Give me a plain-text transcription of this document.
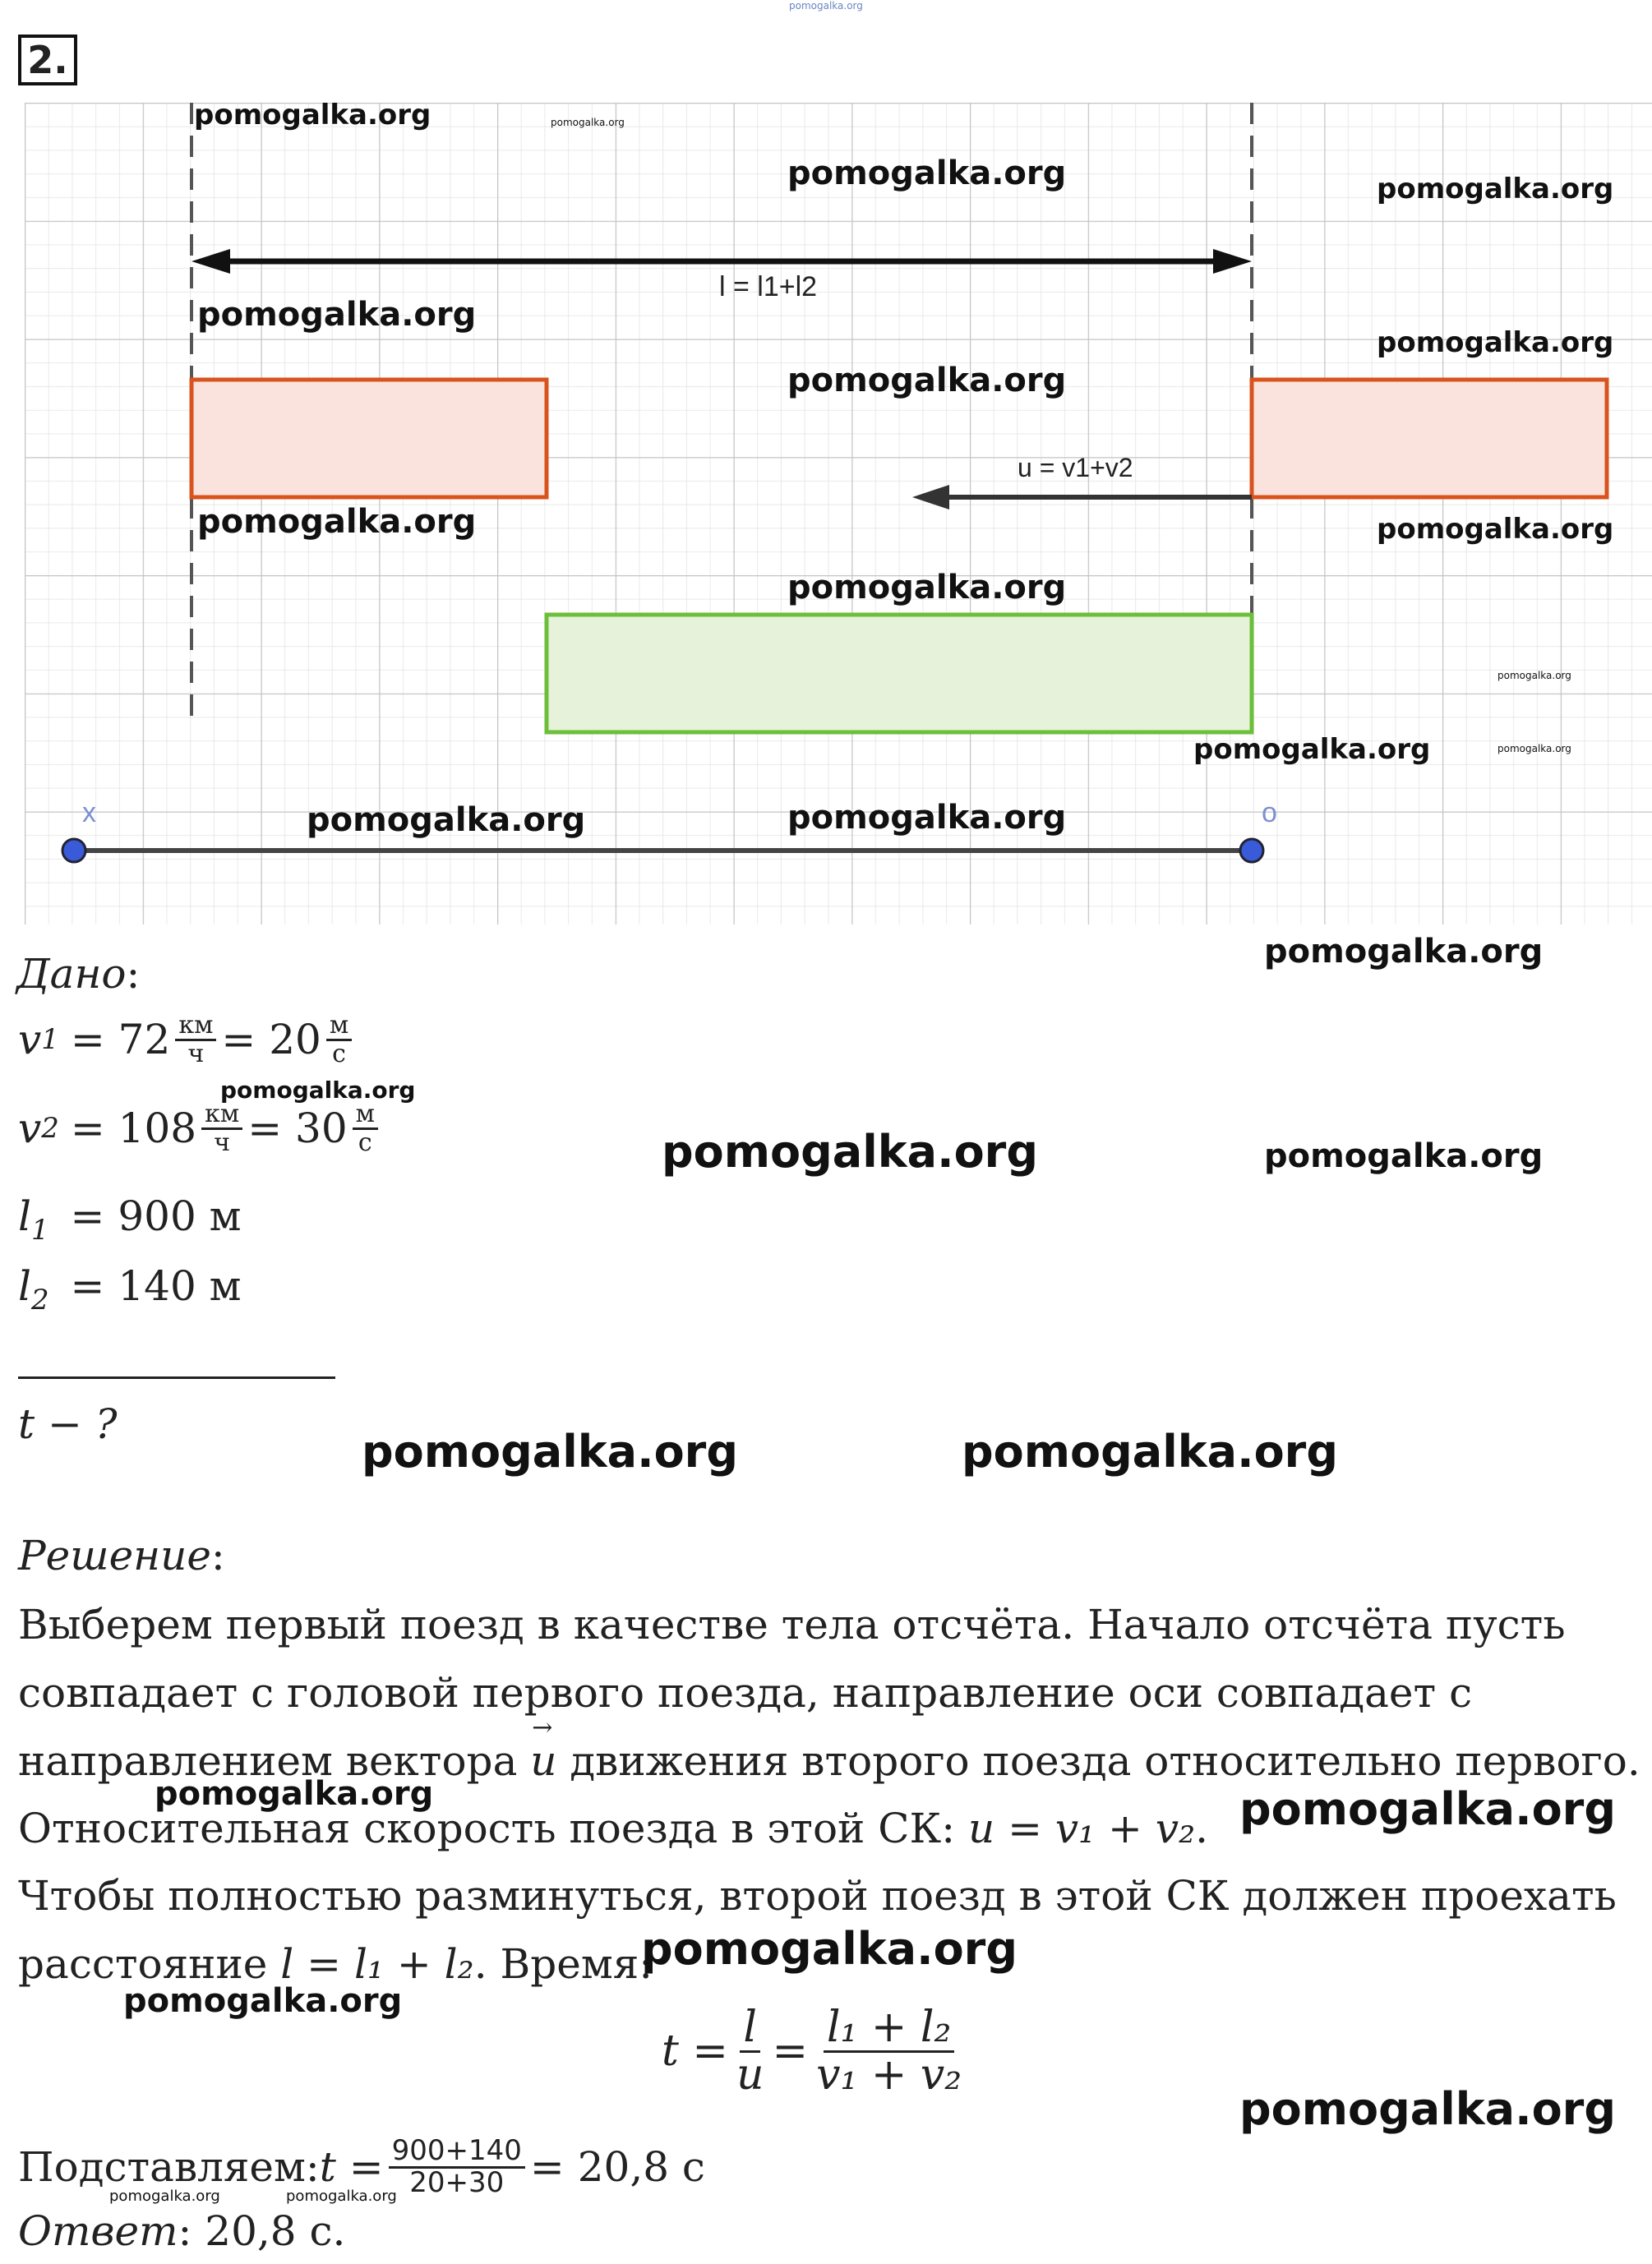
pomogalka.org
2.
l = l1+l2
u = v1+v2
x	o
pomogalka.org	pomogalka.org
pomogalka.org	pomogalka.org
pomogalka.org
pomogalka.org
pomogalka.org
pomogalka.org	pomogalka.org
pomogalka.org
pomogalka.org
pomogalka.org	pomogalka.org
pomogalka.org	pomogalka.org
pomogalka.org
Дано:
v $1 = 72 \frac{км}{ч} = 20 \frac{м}{с}$
pomogalka.org
v $2 = 108 \frac{км}{ч} = 30 \frac{м}{с}$	pomogalka.org	pomogalka.org
$l_1 = 900$ м
$l_2 = 140$ м
t − ?
pomogalka.org	pomogalka.org
Решение:
Выберем первый поезд в качестве тела отсчёта. Начало отсчёта пусть
совпадает с головой первого поезда, направление оси совпадает с
направлением вектора
→
u движения второго поезда относительно первого.
pomogalka.org
Относительная скорость поезда в этой СК: u = v₁ + v₂. pomogalka.org
Чтобы полностью разминуться, второй поезд в этой СК должен проехать
расстояние l = l₁ + l₂. Время:
pomogalka.org
pomogalka.org
$t = \frac{l}{u} = \frac{\text{l₁ + l₂}}{\text{v₁ + v₂}}$
pomogalka.org
Подставляем: $t = \frac{900+140}{20+30} = 20,8$ с
pomogalka.org	pomogalka.org
Ответ: 20,8 с.
